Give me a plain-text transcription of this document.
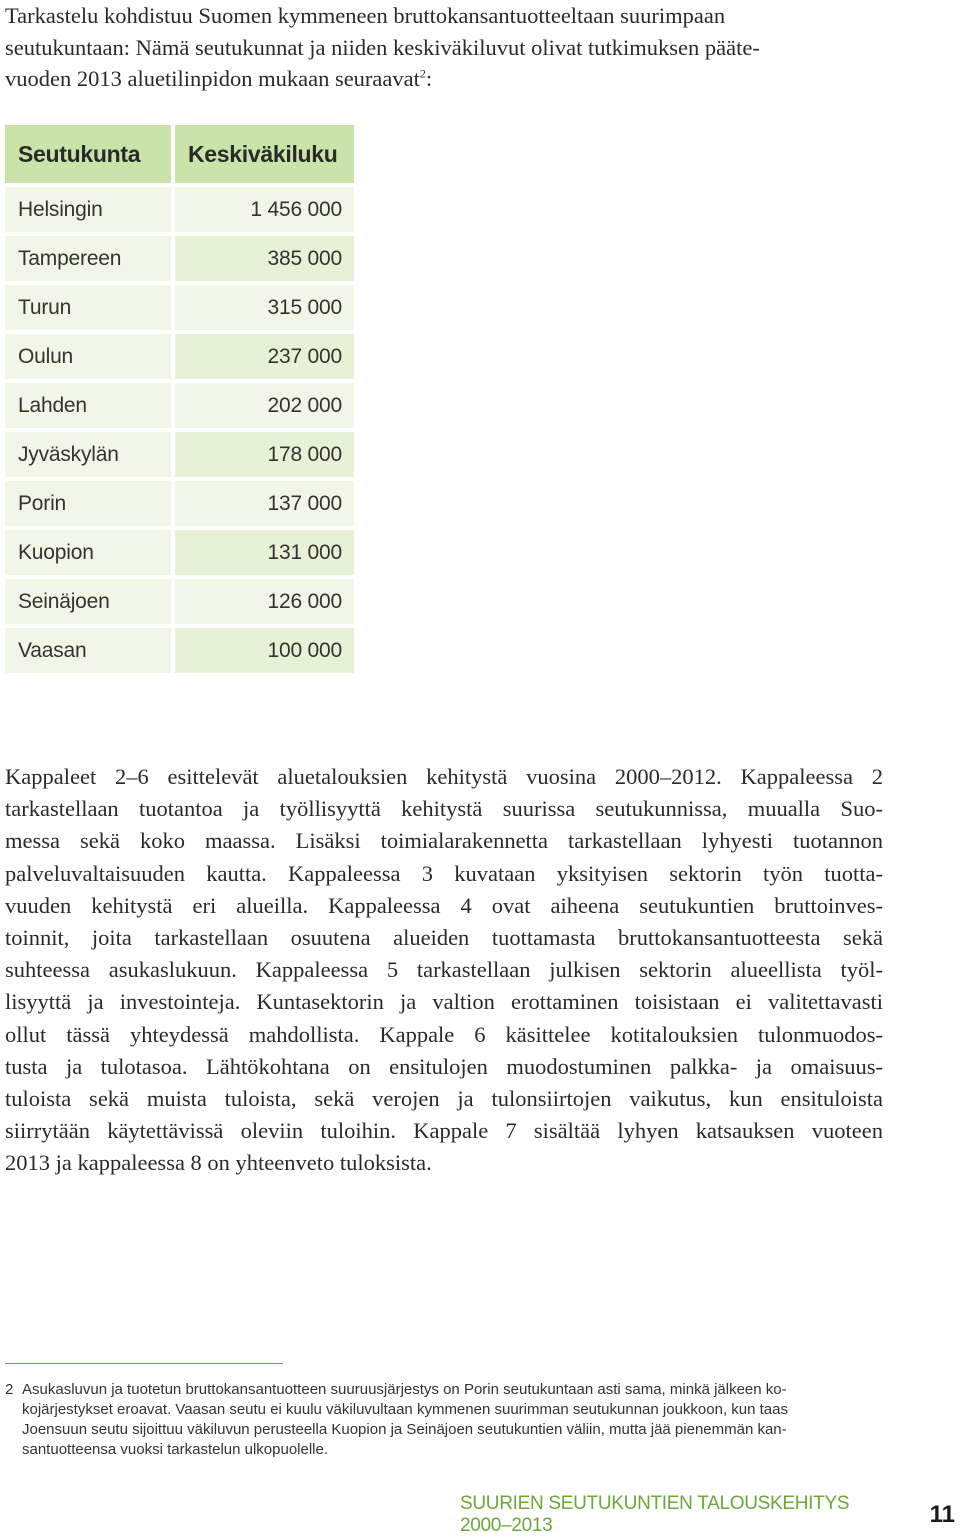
Tarkastelu kohdistuu Suomen kymmeneen bruttokansantuotteeltaan suurimpaan
seutukuntaan: Nämä seutukunnat ja niiden keskiväkiluvut olivat tutkimuksen pääte-
vuoden 2013 aluetilinpidon mukaan seuraavat$^2$:

Seutukunta	Keskiväkiluku
Helsingin	1 456 000
Tampereen	385 000
Turun	315 000
Oulun	237 000
Lahden	202 000
Jyväskylän	178 000
Porin	137 000
Kuopion	131 000
Seinäjoen	126 000
Vaasan	100 000

Kappaleet 2–6 esittelevät aluetalouksien kehitystä vuosina 2000–2012. Kappaleessa 2
tarkastellaan tuotantoa ja työllisyyttä kehitystä suurissa seutukunnissa, muualla Suo-
messa sekä koko maassa. Lisäksi toimialarakennetta tarkastellaan lyhyesti tuotannon
palveluvaltaisuuden kautta. Kappaleessa 3 kuvataan yksityisen sektorin työn tuotta-
vuuden kehitystä eri alueilla. Kappaleessa 4 ovat aiheena seutukuntien bruttoinves-
toinnit, joita tarkastellaan osuutena alueiden tuottamasta bruttokansantuotteesta sekä
suhteessa asukaslukuun. Kappaleessa 5 tarkastellaan julkisen sektorin alueellista työl-
lisyyttä ja investointeja. Kuntasektorin ja valtion erottaminen toisistaan ei valitettavasti
ollut tässä yhteydessä mahdollista. Kappale 6 käsittelee kotitalouksien tulonmuodos-
tusta ja tulotasoa. Lähtökohtana on ensitulojen muodostuminen palkka- ja omaisuus-
tuloista sekä muista tuloista, sekä verojen ja tulonsiirtojen vaikutus, kun ensituloista
siirrytään käytettävissä oleviin tuloihin. Kappale 7 sisältää lyhyen katsauksen vuoteen
2013 ja kappaleessa 8 on yhteenveto tuloksista.

2 Asukasluvun ja tuotetun bruttokansantuotteen suuruusjärjestys on Porin seutukuntaan asti sama, minkä jälkeen ko-
kojärjestykset eroavat. Vaasan seutu ei kuulu väkiluvultaan kymmenen suurimman seutukunnan joukkoon, kun taas
Joensuun seutu sijoittuu väkiluvun perusteella Kuopion ja Seinäjoen seutukuntien väliin, mutta jää pienemmän kan-
santuotteensa vuoksi tarkastelun ulkopuolelle.

SUURIEN SEUTUKUNTIEN TALOUSKEHITYS 2000–2013	11
